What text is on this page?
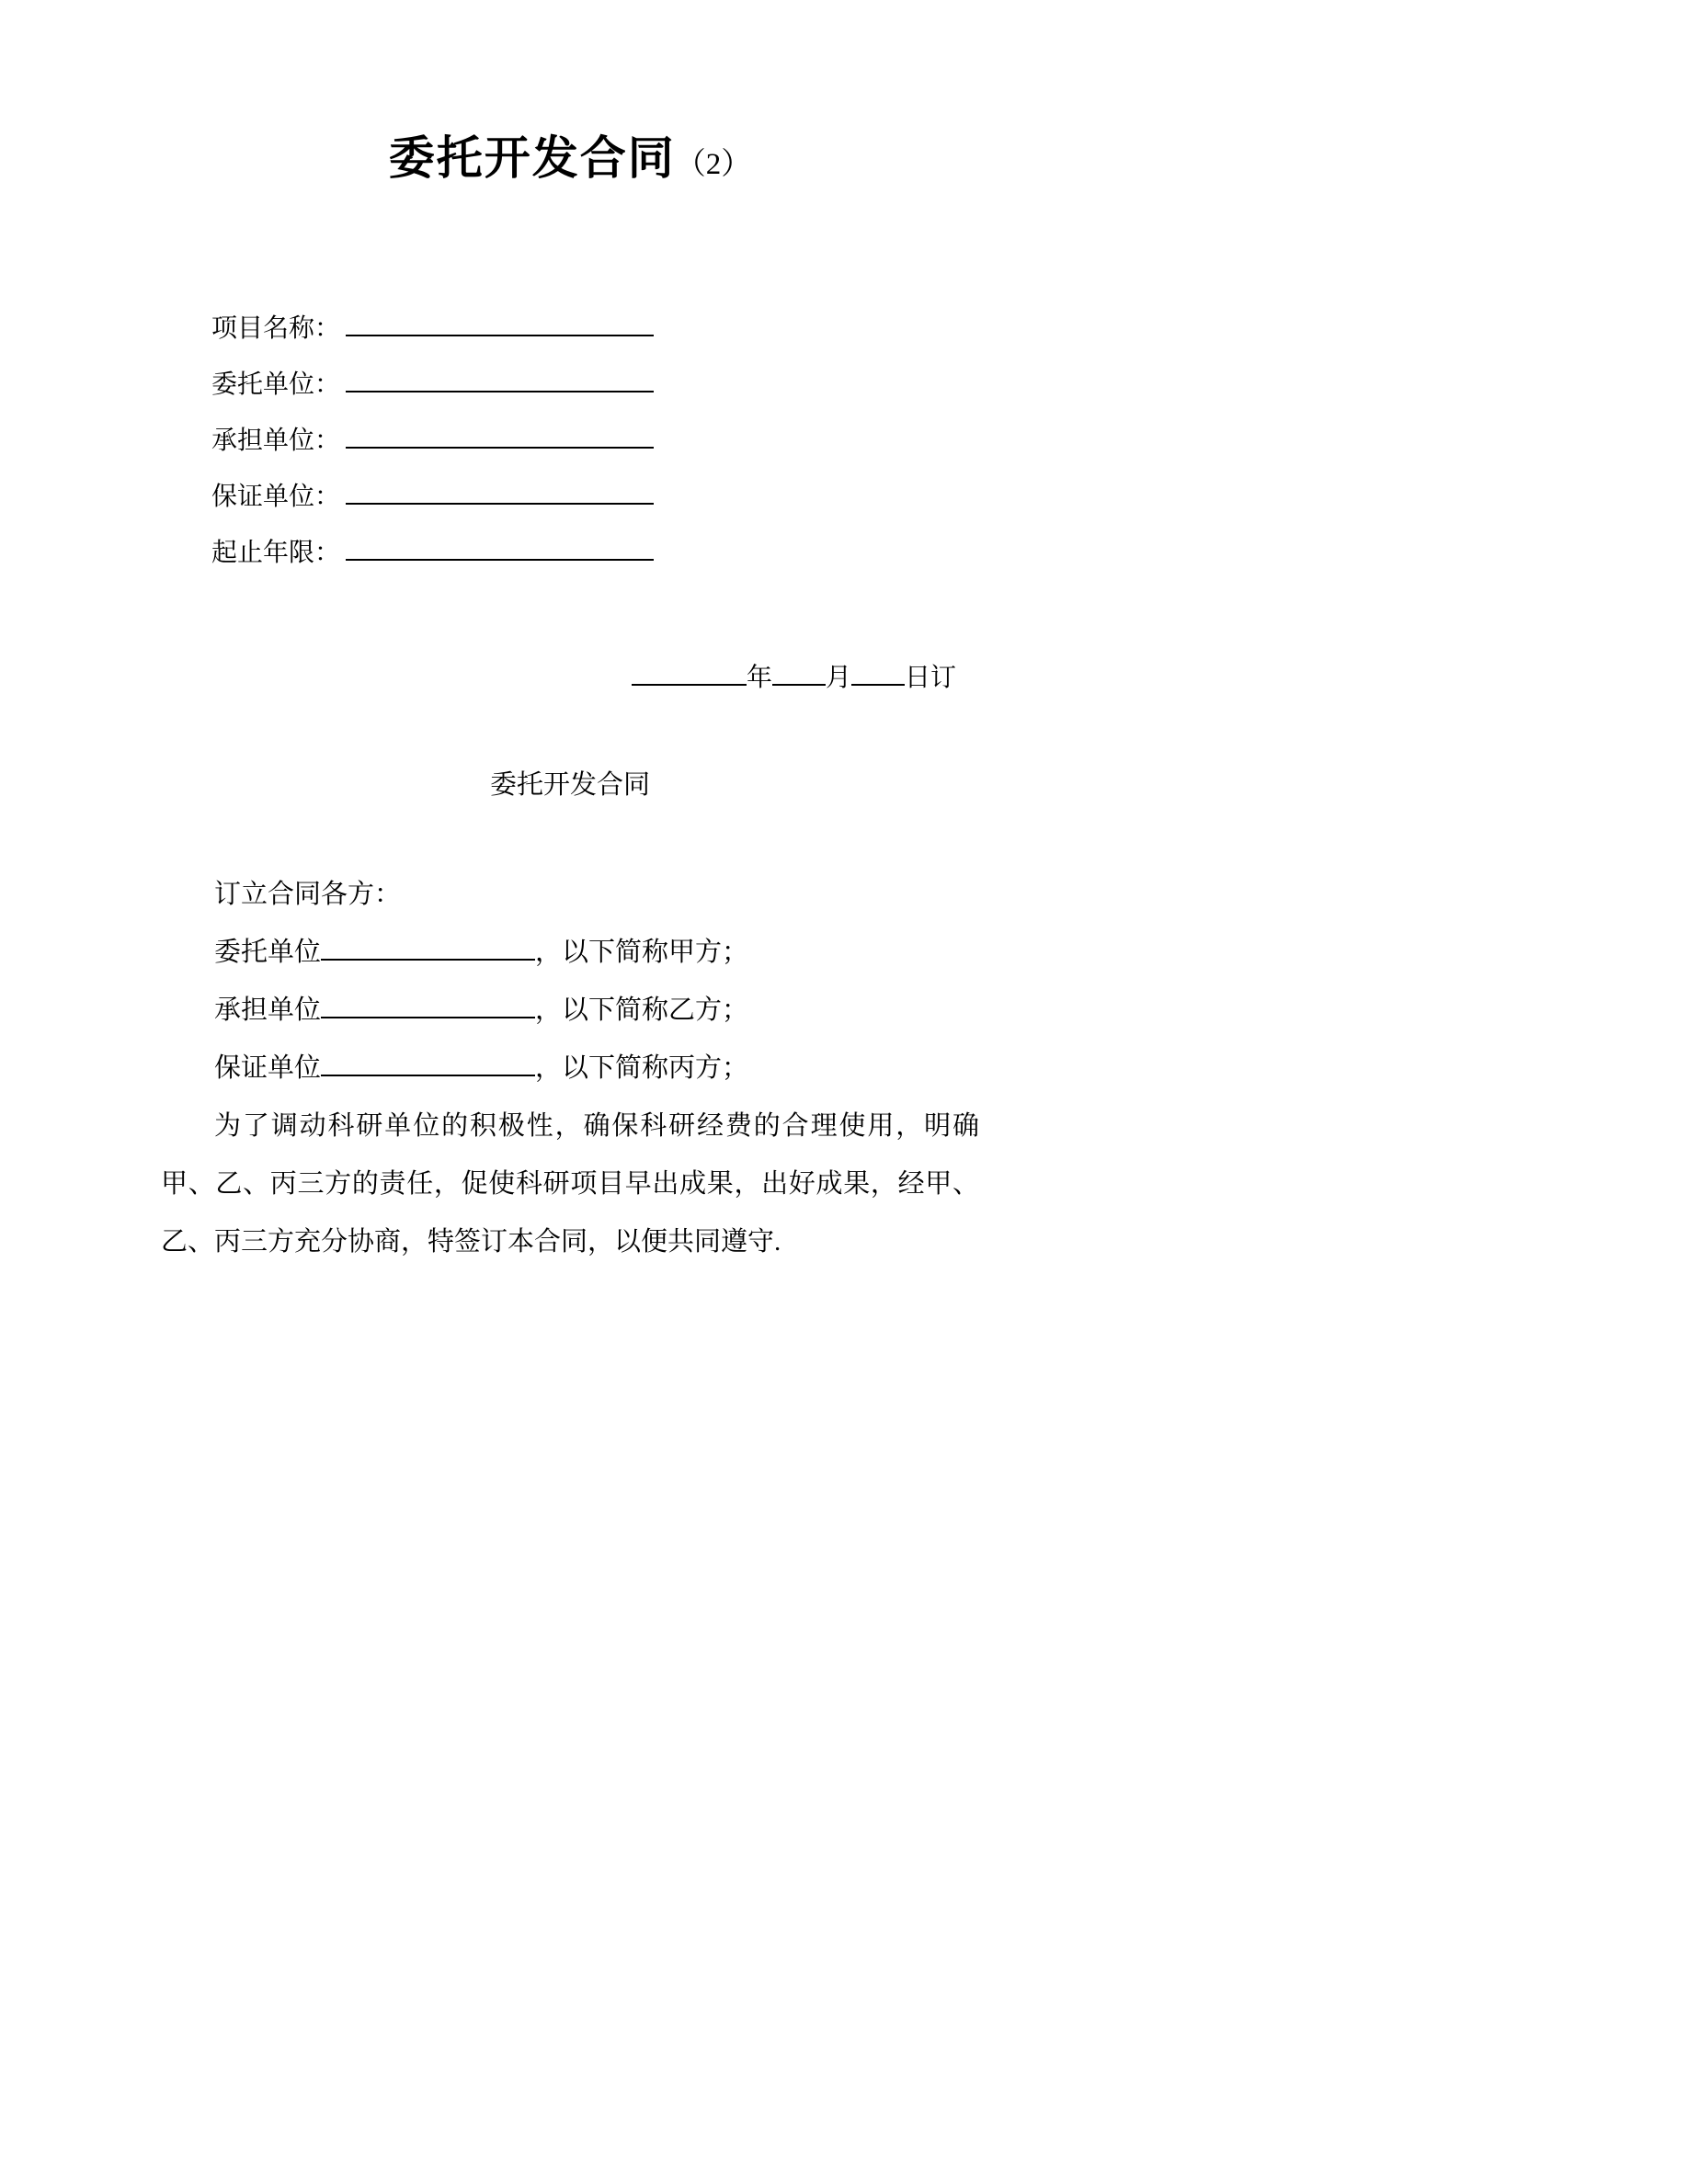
委托开发合同（2）
项目名称：
委托单位：
承担单位：
保证单位：
起止年限：
年 月 日订
委托开发合同

订立合同各方：

委托单位	，以下简称甲方；

承担单位	，以下简称乙方；

保证单位	，以下简称丙方；

为了调动科研单位的积极性，确保科研经费的合理使用，明确甲、乙、丙三方的责任，促使科研项目早出成果，出好成果，经甲、乙、丙三方充分协商，特签订本合同，以便共同遵守.
